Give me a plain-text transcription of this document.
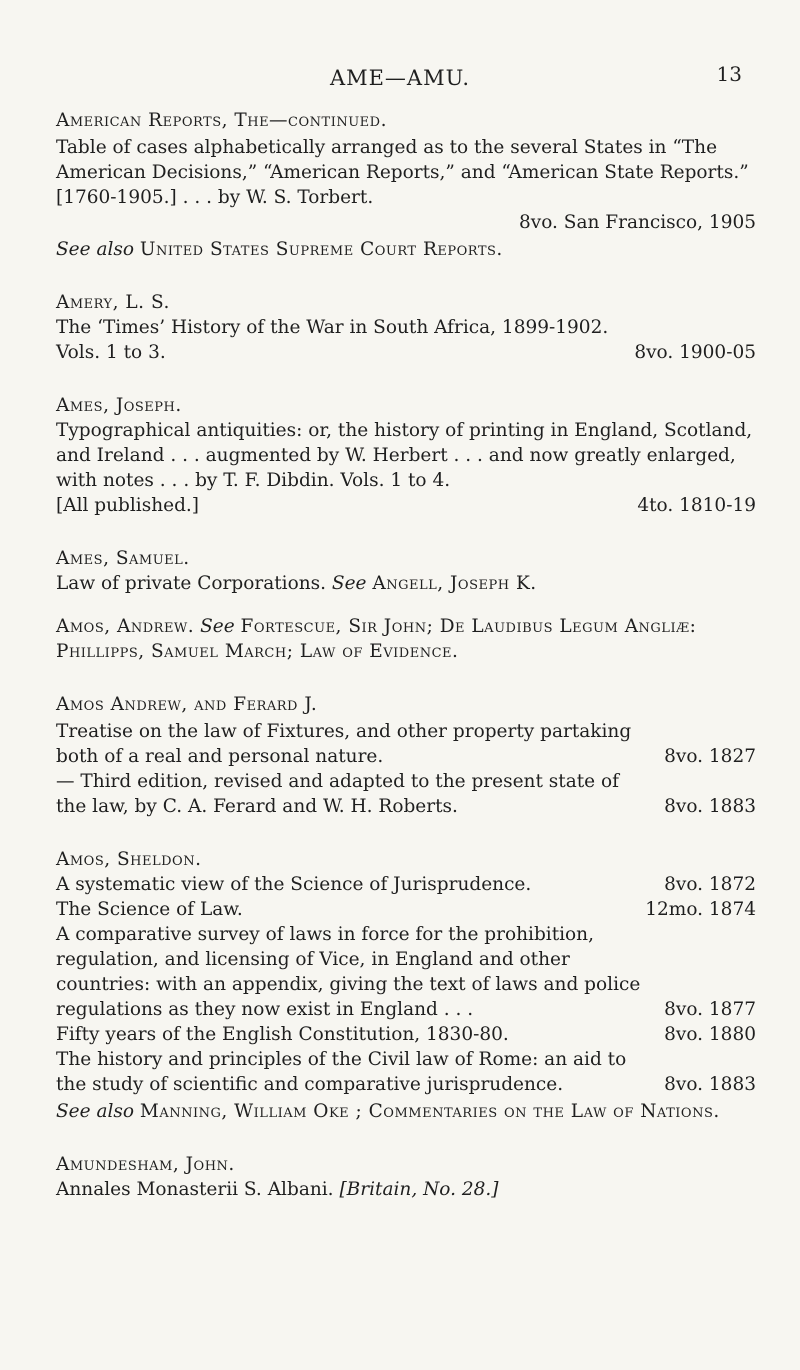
AME—AMU.	13
American Reports, The—continued.
Table of cases alphabetically arranged as to the several States in “The American Decisions,” “American Reports,” and “American State Reports.” [1760-1905.] . . . by W. S. Torbert.
8vo. San Francisco, 1905
See also United States Supreme Court Reports.
Amery, L. S.
The ‘Times’ History of the War in South Africa, 1899-1902.
Vols. 1 to 3.	8vo. 1900-05
Ames, Joseph.
Typographical antiquities: or, the history of printing in England, Scotland, and Ireland . . . augmented by W. Herbert . . . and now greatly enlarged, with notes . . . by T. F. Dibdin. Vols. 1 to 4.
[All published.]	4to. 1810-19
Ames, Samuel.
Law of private Corporations. See Angell, Joseph K.
Amos, Andrew. See Fortescue, Sir John; De Laudibus Legum Angliæ: Phillipps, Samuel March; Law of Evidence.
Amos Andrew, and Ferard J.
Treatise on the law of Fixtures, and other property partaking both of a real and personal nature.	8vo. 1827
— Third edition, revised and adapted to the present state of the law, by C. A. Ferard and W. H. Roberts.	8vo. 1883
Amos, Sheldon.
A systematic view of the Science of Jurisprudence.	8vo. 1872
The Science of Law.	12mo. 1874
A comparative survey of laws in force for the prohibition, regulation, and licensing of Vice, in England and other countries: with an appendix, giving the text of laws and police regulations as they now exist in England . . .	8vo. 1877
Fifty years of the English Constitution, 1830-80.	8vo. 1880
The history and principles of the Civil law of Rome: an aid to the study of scientific and comparative jurisprudence.	8vo. 1883
See also Manning, William Oke ; Commentaries on the Law of Nations.
Amundesham, John.
Annales Monasterii S. Albani. [Britain, No. 28.]
